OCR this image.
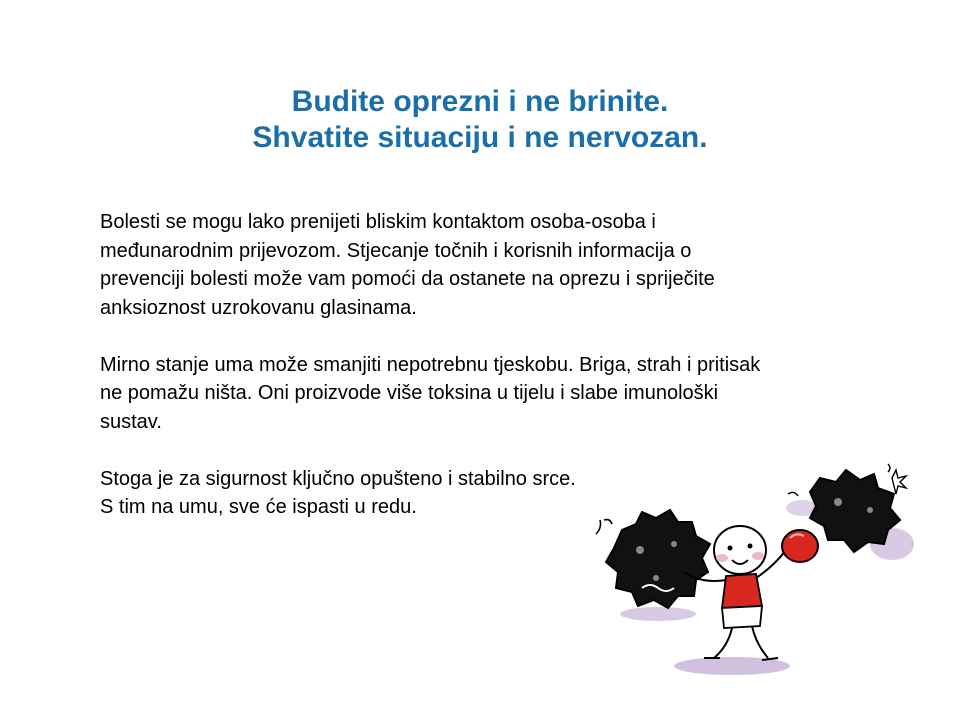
Budite oprezni i ne brinite.
Shvatite situaciju i ne nervozan.

Bolesti se mogu lako prenijeti bliskim kontaktom osoba-osoba i
međunarodnim prijevozom. Stjecanje točnih i korisnih informacija o
prevenciji bolesti može vam pomoći da ostanete na oprezu i spriječite
anksioznost uzrokovanu glasinama.

Mirno stanje uma može smanjiti nepotrebnu tjeskobu. Briga, strah i pritisak
ne pomažu ništa. Oni proizvode više toksina u tijelu i slabe imunološki
sustav.

Stoga je za sigurnost ključno opušteno i stabilno srce.
S tim na umu, sve će ispasti u redu.
